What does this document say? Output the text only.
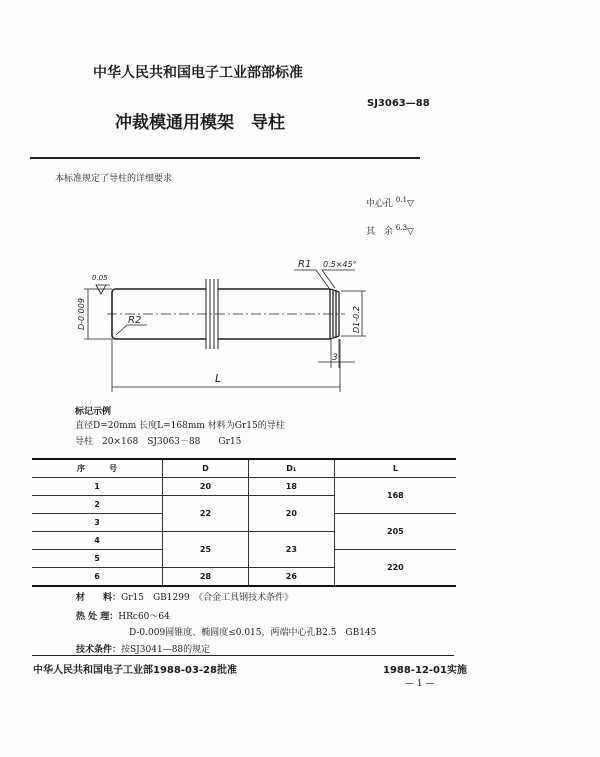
中华人民共和国电子工业部部标准
SJ3063—88
冲裁模通用模架　导柱
本标准规定了导柱的详细要求
中心孔 $^{0.1}$▽
其　余 $^{6.3}$▽
0.05
D-0.009	R2
R1 0.5×45°
D1-0.2
3
L
标记示例
直径D=20mm 长度L=168mm 材料为Gr15的导柱
导柱　 20×168　 SJ3063－88　　 Gr15
序　　　号	D	D₁	L
1	20	18	168
2	22	20	
3			205
4	25	23	
5			220
6	28	26	
材　　料：Gr15　GB1299　《合金工具钢技术条件》
热 处 理：HRc60～64
D-0.009圆锥度、椭圆度≤0.015，两端中心孔B2.5　GB145
技术条件：按SJ3041—88的规定
中华人民共和国电子工业部1988-03-28批准	1988-12-01实施
— 1 —
